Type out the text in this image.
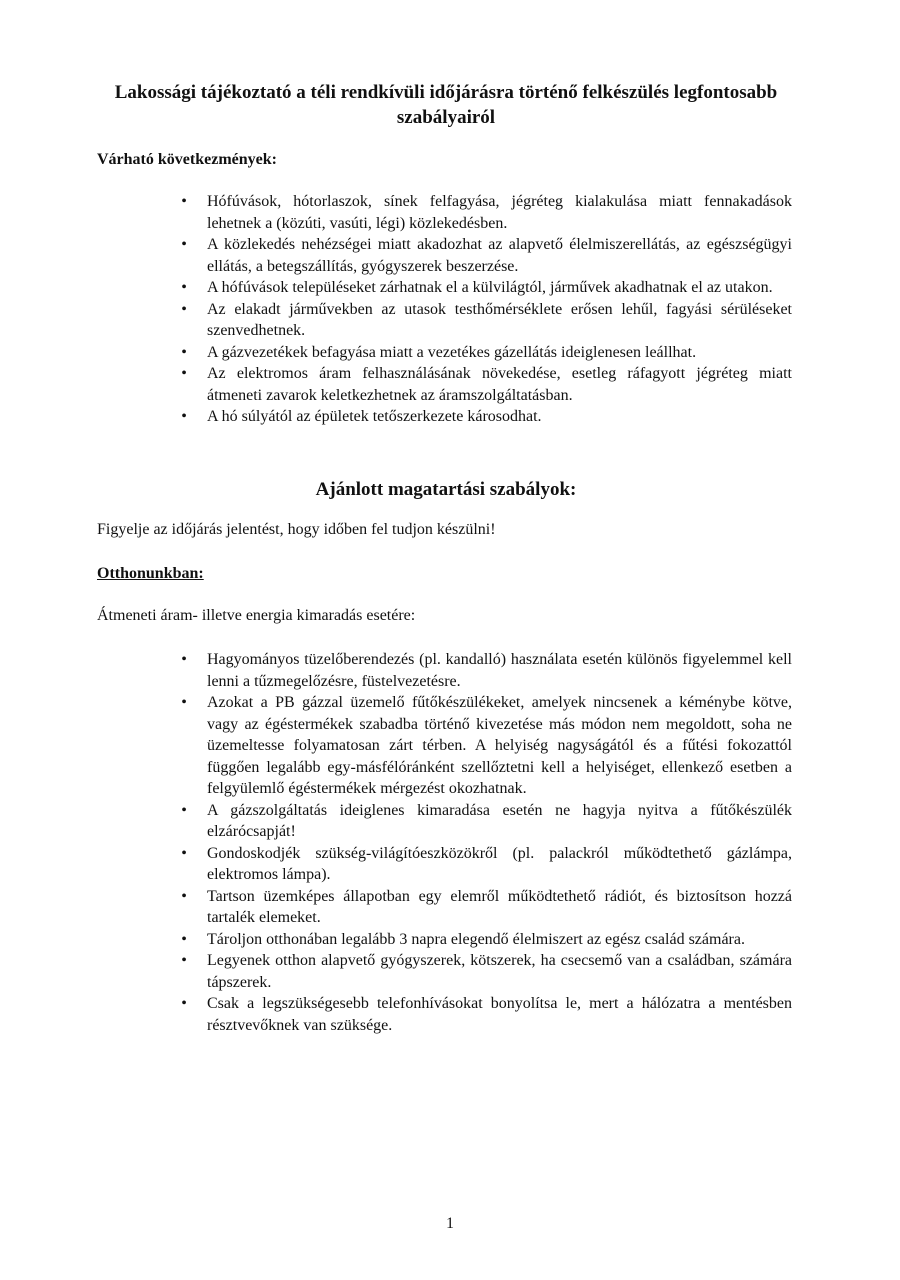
Lakossági tájékoztató a téli rendkívüli időjárásra történő felkészülés legfontosabb szabályairól
Várható következmények:
• Hófúvások, hótorlaszok, sínek felfagyása, jégréteg kialakulása miatt fennakadások lehetnek a (közúti, vasúti, légi) közlekedésben.
• A közlekedés nehézségei miatt akadozhat az alapvető élelmiszerellátás, az egészségügyi ellátás, a betegszállítás, gyógyszerek beszerzése.
• A hófúvások településeket zárhatnak el a külvilágtól, járművek akadhatnak el az utakon.
• Az elakadt járművekben az utasok testhőmérséklete erősen lehűl, fagyási sérüléseket szenvedhetnek.
• A gázvezetékek befagyása miatt a vezetékes gázellátás ideiglenesen leállhat.
• Az elektromos áram felhasználásának növekedése, esetleg ráfagyott jégréteg miatt átmeneti zavarok keletkezhetnek az áramszolgáltatásban.
• A hó súlyától az épületek tetőszerkezete károsodhat.
Ajánlott magatartási szabályok:
Figyelje az időjárás jelentést, hogy időben fel tudjon készülni!
Otthonunkban:
Átmeneti áram- illetve energia kimaradás esetére:
• Hagyományos tüzelőberendezés (pl. kandalló) használata esetén különös figyelemmel kell lenni a tűzmegelőzésre, füstelvezetésre.
• Azokat a PB gázzal üzemelő fűtőkészülékeket, amelyek nincsenek a kéménybe kötve, vagy az égéstermékek szabadba történő kivezetése más módon nem megoldott, soha ne üzemeltesse folyamatosan zárt térben. A helyiség nagyságától és a fűtési fokozattól függően legalább egy-másfélóránként szellőztetni kell a helyiséget, ellenkező esetben a felgyülemlő égéstermékek mérgezést okozhatnak.
• A gázszolgáltatás ideiglenes kimaradása esetén ne hagyja nyitva a fűtőkészülék elzárócsapját!
• Gondoskodjék szükség-világítóeszközökről (pl. palackról működtethető gázlámpa, elektromos lámpa).
• Tartson üzemképes állapotban egy elemről működtethető rádiót, és biztosítson hozzá tartalék elemeket.
• Tároljon otthonában legalább 3 napra elegendő élelmiszert az egész család számára.
• Legyenek otthon alapvető gyógyszerek, kötszerek, ha csecsemő van a családban, számára tápszerek.
• Csak a legszükségesebb telefonhívásokat bonyolítsa le, mert a hálózatra a mentésben résztvevőknek van szüksége.
1
